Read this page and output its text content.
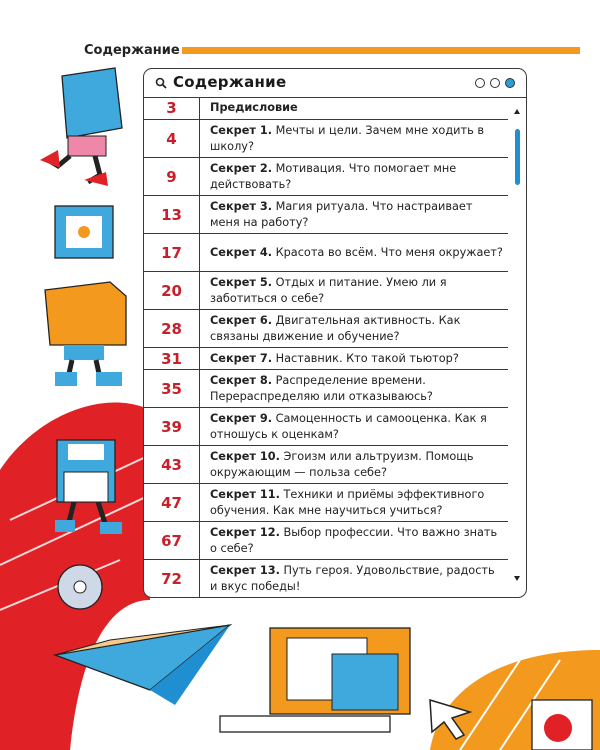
Содержание
Содержание
3	Предисловие
4	Секрет 1. Мечты и цели. Зачем мне ходить в школу?
9	Секрет 2. Мотивация. Что помогает мне действовать?
13	Секрет 3. Магия ритуала. Что настраивает меня на работу?
17	Секрет 4. Красота во всём. Что меня окружает?
20	Секрет 5. Отдых и питание. Умею ли я заботиться о себе?
28	Секрет 6. Двигательная активность. Как связаны движение и обучение?
31	Секрет 7. Наставник. Кто такой тьютор?
35	Секрет 8. Распределение времени. Перераспределяю или отказываюсь?
39	Секрет 9. Самоценность и самооценка. Как я отношусь к оценкам?
43	Секрет 10. Эгоизм или альтруизм. Помощь окружающим — польза себе?
47	Секрет 11. Техники и приёмы эффективного обучения. Как мне научиться учиться?
67	Секрет 12. Выбор профессии. Что важно знать о себе?
72	Секрет 13. Путь героя. Удовольствие, радость и вкус победы!
